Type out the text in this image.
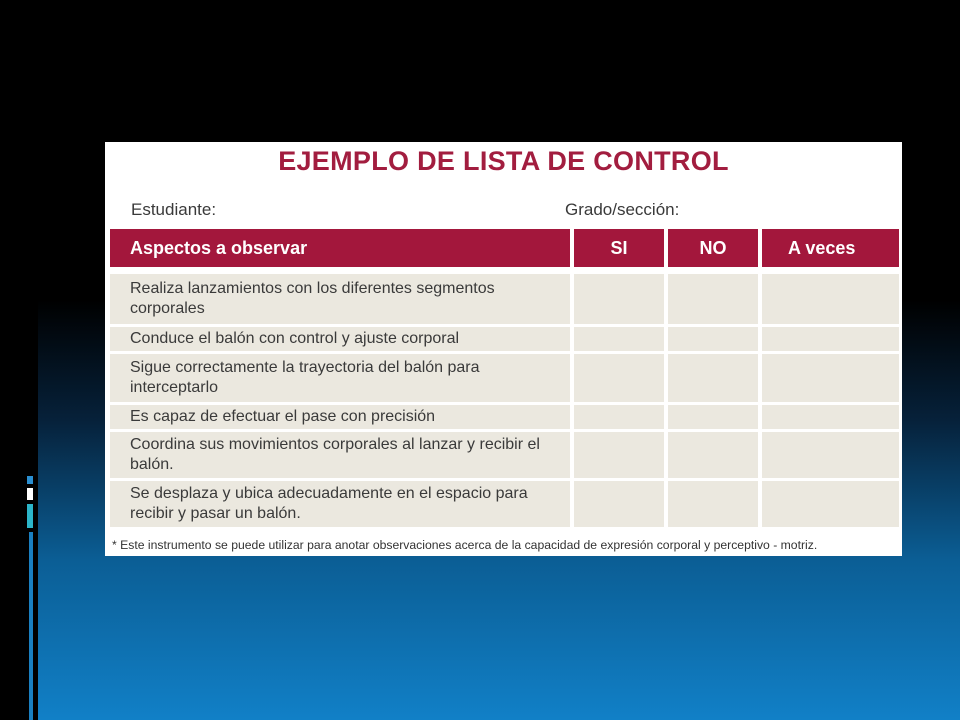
EJEMPLO DE LISTA DE CONTROL
Estudiante:	Grado/sección:
Aspectos a observar	SI	NO	A veces
Realiza lanzamientos con los diferentes segmentos corporales
Conduce el balón con control y ajuste corporal
Sigue correctamente la trayectoria del balón para interceptarlo
Es capaz de efectuar el pase con precisión
Coordina sus movimientos corporales al lanzar y recibir el balón.
Se desplaza y ubica adecuadamente en el espacio para recibir y pasar un balón.
* Este instrumento se puede utilizar para anotar observaciones acerca de la capacidad de expresión corporal y perceptivo - motriz.
